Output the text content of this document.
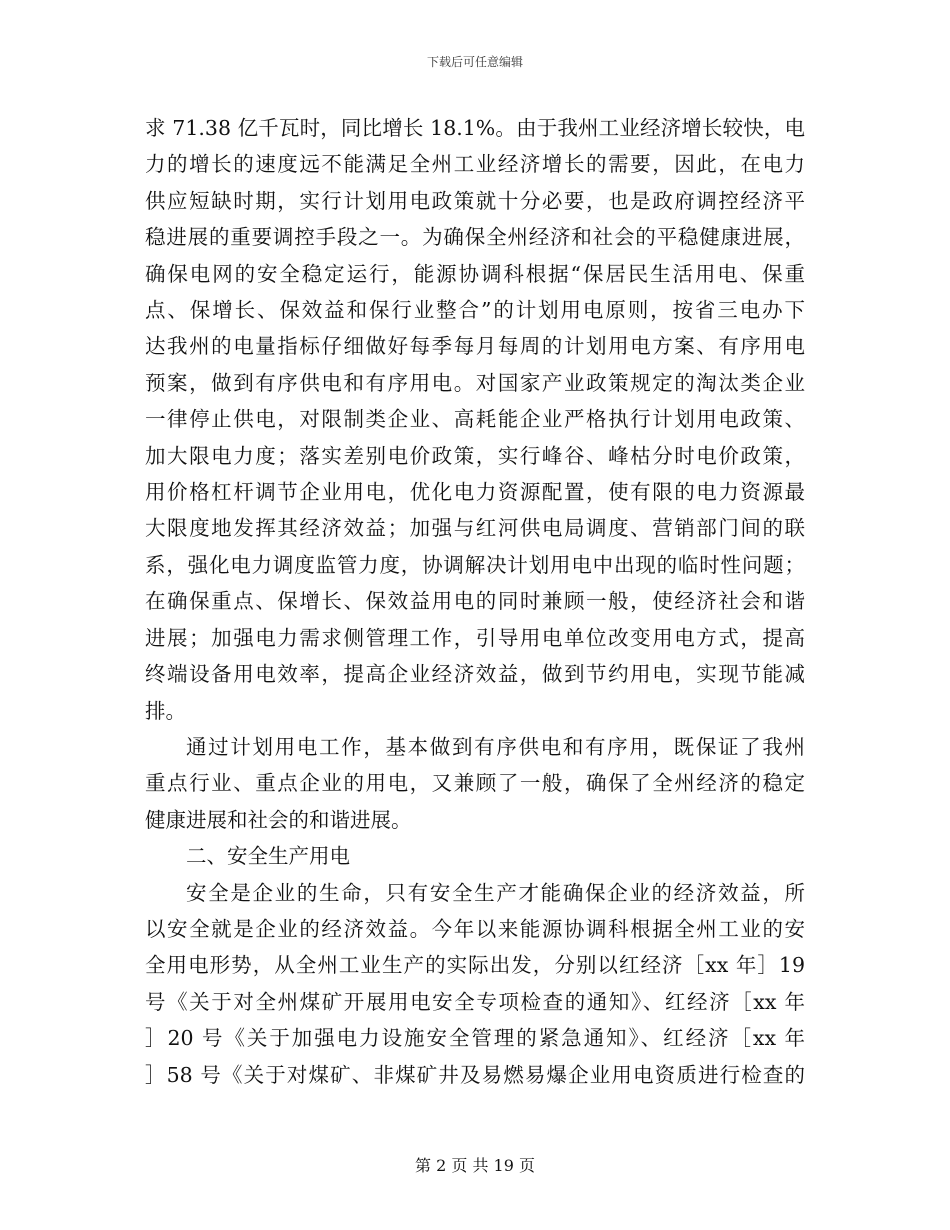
下载后可任意编辑
求 71.38 亿千瓦时，同比增长 18.1%。由于我州工业经济增长较快，电
力的增长的速度远不能满足全州工业经济增长的需要，因此，在电力
供应短缺时期，实行计划用电政策就十分必要，也是政府调控经济平
稳进展的重要调控手段之一。为确保全州经济和社会的平稳健康进展，
确保电网的安全稳定运行，能源协调科根据“保居民生活用电、保重
点、保增长、保效益和保行业整合”的计划用电原则，按省三电办下
达我州的电量指标仔细做好每季每月每周的计划用电方案、有序用电
预案，做到有序供电和有序用电。对国家产业政策规定的淘汰类企业
一律停止供电，对限制类企业、高耗能企业严格执行计划用电政策、
加大限电力度；落实差别电价政策，实行峰谷、峰枯分时电价政策，
用价格杠杆调节企业用电，优化电力资源配置，使有限的电力资源最
大限度地发挥其经济效益；加强与红河供电局调度、营销部门间的联
系，强化电力调度监管力度，协调解决计划用电中出现的临时性问题；
在确保重点、保增长、保效益用电的同时兼顾一般，使经济社会和谐
进展；加强电力需求侧管理工作，引导用电单位改变用电方式，提高
终端设备用电效率，提高企业经济效益，做到节约用电，实现节能减
排。
通过计划用电工作，基本做到有序供电和有序用，既保证了我州
重点行业、重点企业的用电，又兼顾了一般，确保了全州经济的稳定
健康进展和社会的和谐进展。
二、安全生产用电
安全是企业的生命，只有安全生产才能确保企业的经济效益，所
以安全就是企业的经济效益。今年以来能源协调科根据全州工业的安
全用电形势，从全州工业生产的实际出发，分别以红经济［xx 年］19
号《关于对全州煤矿开展用电安全专项检查的通知》、红经济［xx 年
］20 号《关于加强电力设施安全管理的紧急通知》、红经济［xx 年
］58 号《关于对煤矿、非煤矿井及易燃易爆企业用电资质进行检查的
第 2 页 共 19 页
